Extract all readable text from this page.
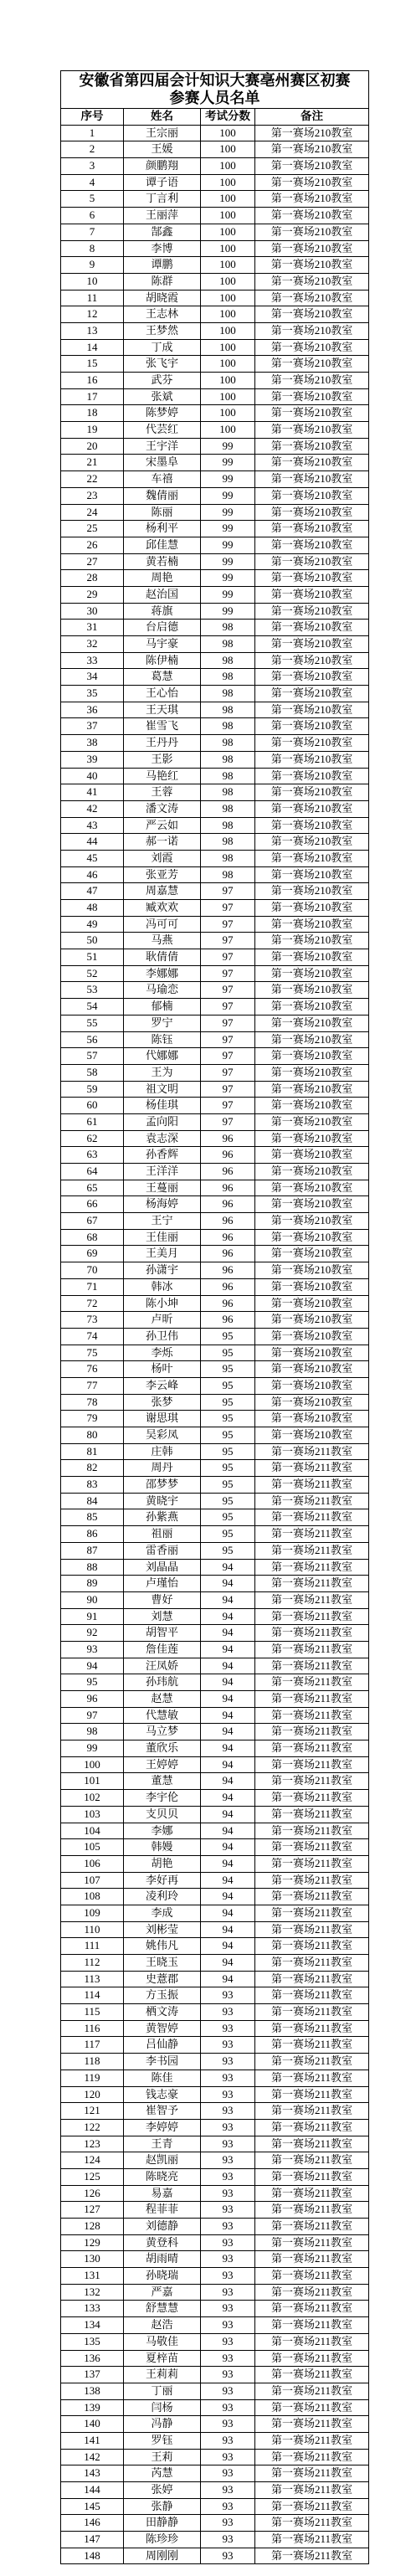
安徽省第四届会计知识大赛亳州赛区初赛
参赛人员名单
序号	姓名	考试分数	备注
1	王宗丽	100	第一赛场210教室
2	王媛	100	第一赛场210教室
3	颜鹏翔	100	第一赛场210教室
4	谭子语	100	第一赛场210教室
5	丁言利	100	第一赛场210教室
6	王丽萍	100	第一赛场210教室
7	郜鑫	100	第一赛场210教室
8	李博	100	第一赛场210教室
9	谭鹏	100	第一赛场210教室
10	陈群	100	第一赛场210教室
11	胡晓霞	100	第一赛场210教室
12	王志林	100	第一赛场210教室
13	王梦然	100	第一赛场210教室
14	丁成	100	第一赛场210教室
15	张飞宇	100	第一赛场210教室
16	武芬	100	第一赛场210教室
17	张斌	100	第一赛场210教室
18	陈梦婷	100	第一赛场210教室
19	代芸红	100	第一赛场210教室
20	王宇洋	99	第一赛场210教室
21	宋墨阜	99	第一赛场210教室
22	车禧	99	第一赛场210教室
23	魏倩丽	99	第一赛场210教室
24	陈丽	99	第一赛场210教室
25	杨利平	99	第一赛场210教室
26	邱佳慧	99	第一赛场210教室
27	黄若楠	99	第一赛场210教室
28	周艳	99	第一赛场210教室
29	赵治国	99	第一赛场210教室
30	蒋旗	99	第一赛场210教室
31	台启德	98	第一赛场210教室
32	马宇豪	98	第一赛场210教室
33	陈伊楠	98	第一赛场210教室
34	葛慧	98	第一赛场210教室
35	王心怡	98	第一赛场210教室
36	王天琪	98	第一赛场210教室
37	崔雪飞	98	第一赛场210教室
38	王丹丹	98	第一赛场210教室
39	王影	98	第一赛场210教室
40	马艳红	98	第一赛场210教室
41	王蓉	98	第一赛场210教室
42	潘文涛	98	第一赛场210教室
43	严云如	98	第一赛场210教室
44	郝一诺	98	第一赛场210教室
45	刘霞	98	第一赛场210教室
46	张亚芳	98	第一赛场210教室
47	周嘉慧	97	第一赛场210教室
48	臧欢欢	97	第一赛场210教室
49	冯可可	97	第一赛场210教室
50	马燕	97	第一赛场210教室
51	耿倩倩	97	第一赛场210教室
52	李娜娜	97	第一赛场210教室
53	马瑜恋	97	第一赛场210教室
54	郁楠	97	第一赛场210教室
55	罗宁	97	第一赛场210教室
56	陈钰	97	第一赛场210教室
57	代娜娜	97	第一赛场210教室
58	王为	97	第一赛场210教室
59	祖文明	97	第一赛场210教室
60	杨佳琪	97	第一赛场210教室
61	孟向阳	97	第一赛场210教室
62	袁志深	96	第一赛场210教室
63	孙香辉	96	第一赛场210教室
64	王洋洋	96	第一赛场210教室
65	王蔓丽	96	第一赛场210教室
66	杨海婷	96	第一赛场210教室
67	王宁	96	第一赛场210教室
68	王佳丽	96	第一赛场210教室
69	王美月	96	第一赛场210教室
70	孙潇宇	96	第一赛场210教室
71	韩冰	96	第一赛场210教室
72	陈小坤	96	第一赛场210教室
73	卢昕	96	第一赛场210教室
74	孙卫伟	95	第一赛场210教室
75	李烁	95	第一赛场210教室
76	杨叶	95	第一赛场210教室
77	李云峰	95	第一赛场210教室
78	张梦	95	第一赛场210教室
79	谢思琪	95	第一赛场210教室
80	吴彩凤	95	第一赛场210教室
81	庄韩	95	第一赛场211教室
82	周丹	95	第一赛场211教室
83	邵梦梦	95	第一赛场211教室
84	黄晓宇	95	第一赛场211教室
85	孙紫燕	95	第一赛场211教室
86	祖丽	95	第一赛场211教室
87	雷香丽	95	第一赛场211教室
88	刘晶晶	94	第一赛场211教室
89	卢瑾怡	94	第一赛场211教室
90	曹好	94	第一赛场211教室
91	刘慧	94	第一赛场211教室
92	胡智平	94	第一赛场211教室
93	詹佳莲	94	第一赛场211教室
94	汪凤娇	94	第一赛场211教室
95	孙玮航	94	第一赛场211教室
96	赵慧	94	第一赛场211教室
97	代慧敏	94	第一赛场211教室
98	马立梦	94	第一赛场211教室
99	董欣乐	94	第一赛场211教室
100	王婷婷	94	第一赛场211教室
101	董慧	94	第一赛场211教室
102	李宇伦	94	第一赛场211教室
103	支贝贝	94	第一赛场211教室
104	李娜	94	第一赛场211教室
105	韩嫚	94	第一赛场211教室
106	胡艳	94	第一赛场211教室
107	李好再	94	第一赛场211教室
108	凌利玲	94	第一赛场211教室
109	李成	94	第一赛场211教室
110	刘彬莹	94	第一赛场211教室
111	姚伟凡	94	第一赛场211教室
112	王晓玉	94	第一赛场211教室
113	史薏郡	94	第一赛场211教室
114	方玉振	93	第一赛场211教室
115	栖文涛	93	第一赛场211教室
116	黄智婷	93	第一赛场211教室
117	吕仙静	93	第一赛场211教室
118	李书园	93	第一赛场211教室
119	陈佳	93	第一赛场211教室
120	钱志豪	93	第一赛场211教室
121	崔智予	93	第一赛场211教室
122	李婷婷	93	第一赛场211教室
123	王青	93	第一赛场211教室
124	赵凯丽	93	第一赛场211教室
125	陈晓亮	93	第一赛场211教室
126	易嘉	93	第一赛场211教室
127	程菲菲	93	第一赛场211教室
128	刘德静	93	第一赛场211教室
129	黄登科	93	第一赛场211教室
130	胡雨晴	93	第一赛场211教室
131	孙晓瑞	93	第一赛场211教室
132	严嘉	93	第一赛场211教室
133	舒慧慧	93	第一赛场211教室
134	赵浩	93	第一赛场211教室
135	马敬佳	93	第一赛场211教室
136	夏梓苗	93	第一赛场211教室
137	王莉莉	93	第一赛场211教室
138	丁丽	93	第一赛场211教室
139	闫杨	93	第一赛场211教室
140	冯静	93	第一赛场211教室
141	罗钰	93	第一赛场211教室
142	王莉	93	第一赛场211教室
143	芮慧	93	第一赛场211教室
144	张婷	93	第一赛场211教室
145	张静	93	第一赛场211教室
146	田静静	93	第一赛场211教室
147	陈珍珍	93	第一赛场211教室
148	周刚刚	93	第一赛场211教室
